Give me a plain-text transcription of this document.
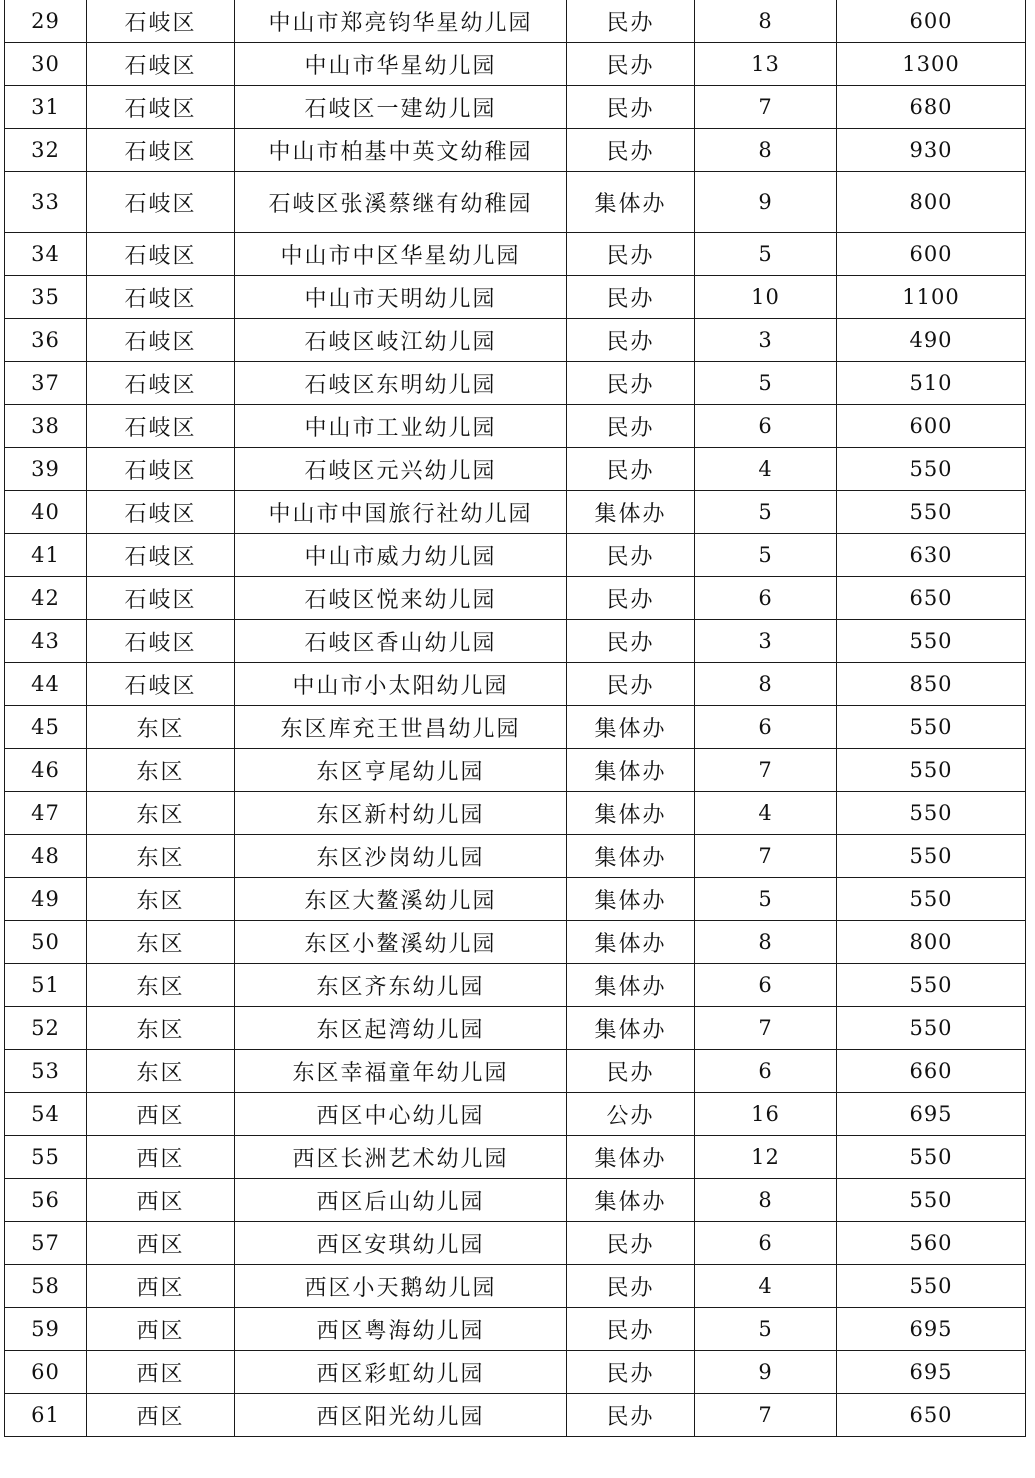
29	石岐区	中山市郑亮钧华星幼儿园	民办	8	600
30	石岐区	中山市华星幼儿园	民办	13	1300
31	石岐区	石岐区一建幼儿园	民办	7	680
32	石岐区	中山市柏基中英文幼稚园	民办	8	930
33	石岐区	石岐区张溪蔡继有幼稚园	集体办	9	800
34	石岐区	中山市中区华星幼儿园	民办	5	600
35	石岐区	中山市天明幼儿园	民办	10	1100
36	石岐区	石岐区岐江幼儿园	民办	3	490
37	石岐区	石岐区东明幼儿园	民办	5	510
38	石岐区	中山市工业幼儿园	民办	6	600
39	石岐区	石岐区元兴幼儿园	民办	4	550
40	石岐区	中山市中国旅行社幼儿园	集体办	5	550
41	石岐区	中山市威力幼儿园	民办	5	630
42	石岐区	石岐区悦来幼儿园	民办	6	650
43	石岐区	石岐区香山幼儿园	民办	3	550
44	石岐区	中山市小太阳幼儿园	民办	8	850
45	东区	东区库充王世昌幼儿园	集体办	6	550
46	东区	东区亨尾幼儿园	集体办	7	550
47	东区	东区新村幼儿园	集体办	4	550
48	东区	东区沙岗幼儿园	集体办	7	550
49	东区	东区大鳌溪幼儿园	集体办	5	550
50	东区	东区小鳌溪幼儿园	集体办	8	800
51	东区	东区齐东幼儿园	集体办	6	550
52	东区	东区起湾幼儿园	集体办	7	550
53	东区	东区幸福童年幼儿园	民办	6	660
54	西区	西区中心幼儿园	公办	16	695
55	西区	西区长洲艺术幼儿园	集体办	12	550
56	西区	西区后山幼儿园	集体办	8	550
57	西区	西区安琪幼儿园	民办	6	560
58	西区	西区小天鹅幼儿园	民办	4	550
59	西区	西区粤海幼儿园	民办	5	695
60	西区	西区彩虹幼儿园	民办	9	695
61	西区	西区阳光幼儿园	民办	7	650
